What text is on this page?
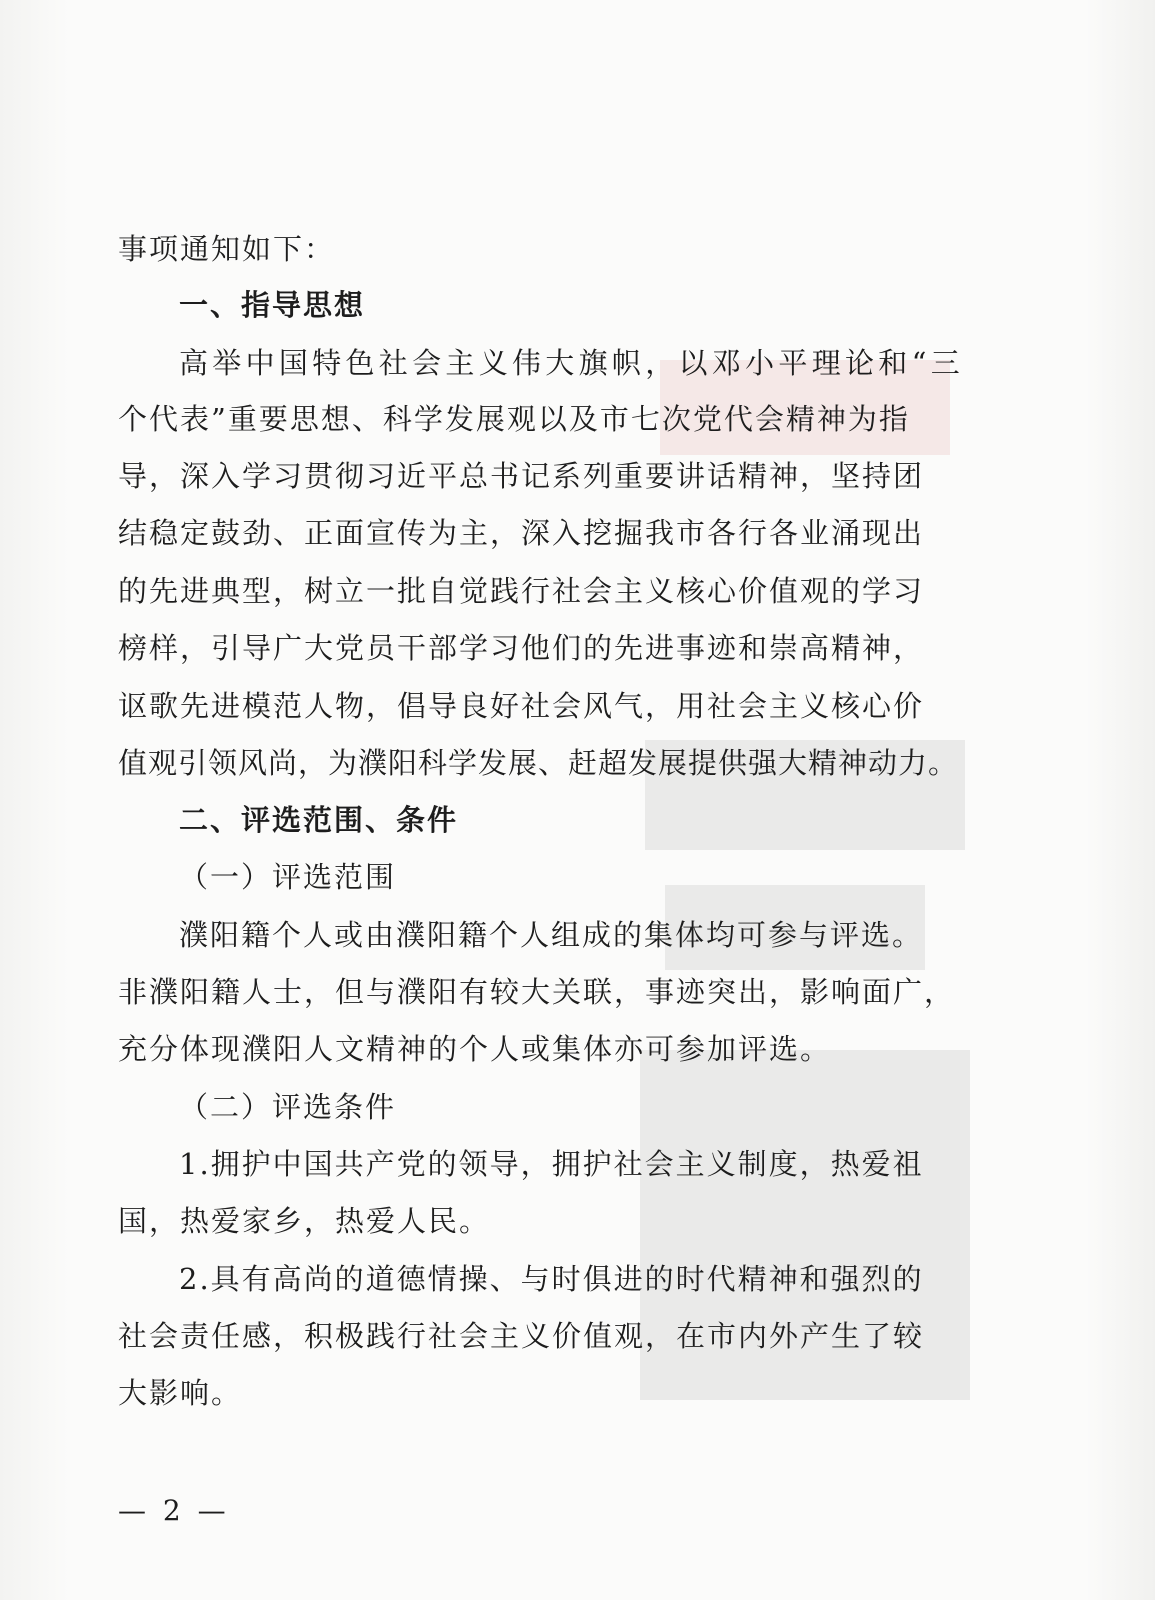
事项通知如下：
一、指导思想
高举中国特色社会主义伟大旗帜，以邓小平理论和“三
个代表”重要思想、科学发展观以及市七次党代会精神为指
导，深入学习贯彻习近平总书记系列重要讲话精神，坚持团
结稳定鼓劲、正面宣传为主，深入挖掘我市各行各业涌现出
的先进典型，树立一批自觉践行社会主义核心价值观的学习
榜样，引导广大党员干部学习他们的先进事迹和崇高精神，
讴歌先进模范人物，倡导良好社会风气，用社会主义核心价
值观引领风尚，为濮阳科学发展、赶超发展提供强大精神动力。
二、评选范围、条件
（一）评选范围
濮阳籍个人或由濮阳籍个人组成的集体均可参与评选。
非濮阳籍人士，但与濮阳有较大关联，事迹突出，影响面广，
充分体现濮阳人文精神的个人或集体亦可参加评选。
（二）评选条件
1.拥护中国共产党的领导，拥护社会主义制度，热爱祖
国，热爱家乡，热爱人民。
2.具有高尚的道德情操、与时俱进的时代精神和强烈的
社会责任感，积极践行社会主义价值观，在市内外产生了较
大影响。
— 2 —
